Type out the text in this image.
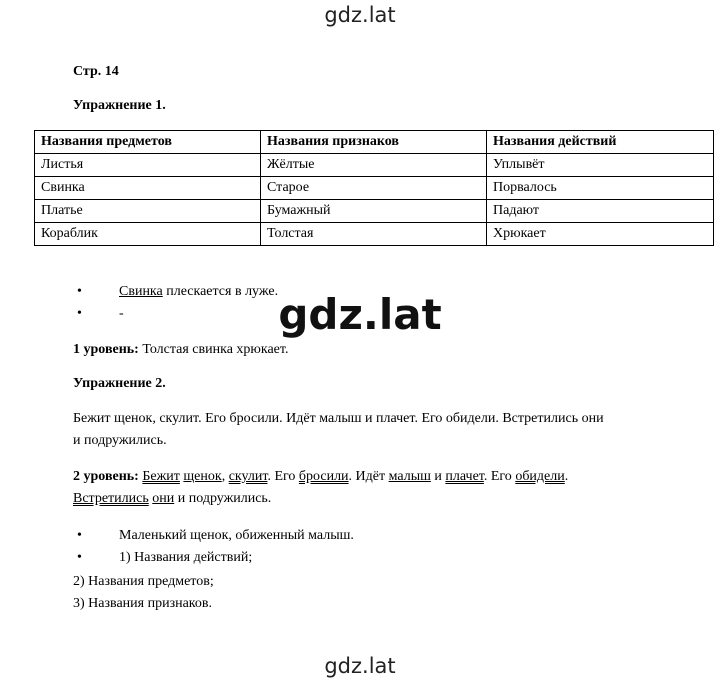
gdz.lat
Стр. 14
Упражнение 1.
Названия предметов	Названия признаков	Названия действий
Листья	Жёлтые	Уплывёт
Свинка	Старое	Порвалось
Платье	Бумажный	Падают
Кораблик	Толстая	Хрюкает
•	Свинка плескается в луже.
•	-	gdz.lat
1 уровень: Толстая свинка хрюкает.
Упражнение 2.

Бежит щенок, скулит. Его бросили. Идёт малыш и плачет. Его обидели. Встретились они
и подружились.

2 уровень: Бежит щенок, скулит. Его бросили. Идёт малыш и плачет. Его обидели.
Встретились они и подружились.

•	Маленький щенок, обиженный малыш.
•	1) Названия действий;
2) Названия предметов;
3) Названия признаков.
gdz.lat
